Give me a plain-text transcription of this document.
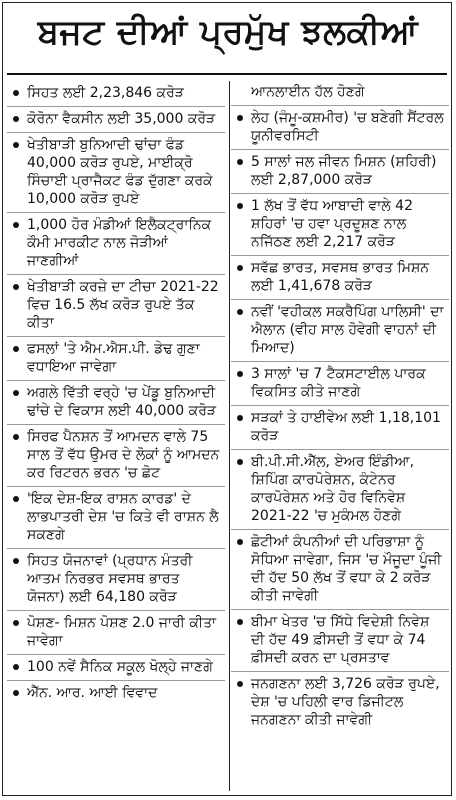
ਬਜਟ ਦੀਆਂ ਪ੍ਰਮੁੱਖ ਝਲਕੀਆਂ
ਸਿਹਤ ਲਈ 2,23,846 ਕਰੋੜ
ਕੋਰੋਨਾ ਵੈਕਸੀਨ ਲਈ 35,000 ਕਰੋੜ
ਖੇਤੀਬਾੜੀ ਬੁਨਿਆਦੀ ਢਾਂਚਾ ਫੰਡ 40,000 ਕਰੋੜ ਰੁਪਏ, ਮਾਈਕ੍ਰੋ ਸਿੰਚਾਈ ਪ੍ਰਾਜੈਕਟ ਫੰਡ ਦੁੱਗਣਾ ਕਰਕੇ 10,000 ਕਰੋੜ ਰੁਪਏ
1,000 ਹੋਰ ਮੰਡੀਆਂ ਇਲੈਕਟ੍ਰਾਨਿਕ ਕੌਮੀ ਮਾਰਕੀਟ ਨਾਲ ਜੋੜੀਆਂ ਜਾਣਗੀਆਂ
ਖੇਤੀਬਾੜੀ ਕਰਜ਼ੇ ਦਾ ਟੀਚਾ 2021-22 ਵਿਚ 16.5 ਲੱਖ ਕਰੋੜ ਰੁਪਏ ਤੱਕ ਕੀਤਾ
ਫਸਲਾਂ 'ਤੇ ਐਮ.ਐਸ.ਪੀ. ਡੇਢ ਗੁਣਾ ਵਧਾਇਆ ਜਾਵੇਗਾ
ਅਗਲੇ ਵਿੱਤੀ ਵਰ੍ਹੇ 'ਚ ਪੇਂਡੂ ਬੁਨਿਆਦੀ ਢਾਂਚੇ ਦੇ ਵਿਕਾਸ ਲਈ 40,000 ਕਰੋੜ
ਸਿਰਫ ਪੈਨਸ਼ਨ ਤੋਂ ਆਮਦਨ ਵਾਲੇ 75 ਸਾਲ ਤੋਂ ਵੱਧ ਉਮਰ ਦੇ ਲੋਕਾਂ ਨੂੰ ਆਮਦਨ ਕਰ ਰਿਟਰਨ ਭਰਨ 'ਚ ਛੋਟ
'ਇਕ ਦੇਸ਼-ਇਕ ਰਾਸ਼ਨ ਕਾਰਡ' ਦੇ ਲਾਭਪਾਤਰੀ ਦੇਸ਼ 'ਚ ਕਿਤੇ ਵੀ ਰਾਸ਼ਨ ਲੈ ਸਕਣਗੇ
ਸਿਹਤ ਯੋਜਨਾਵਾਂ (ਪ੍ਰਧਾਨ ਮੰਤਰੀ ਆਤਮ ਨਿਰਭਰ ਸਵਸਥ ਭਾਰਤ ਯੋਜਨਾ) ਲਈ 64,180 ਕਰੋੜ
ਪੋਸ਼ਣ- ਮਿਸ਼ਨ ਪੋਸ਼ਣ 2.0 ਜਾਰੀ ਕੀਤਾ ਜਾਵੇਗਾ
100 ਨਵੇਂ ਸੈਨਿਕ ਸਕੂਲ ਖੋਲ੍ਹੇ ਜਾਣਗੇ
ਐੱਨ. ਆਰ. ਆਈ ਵਿਵਾਦ
ਆਨਲਾਈਨ ਹੱਲ ਹੋਣਗੇ
ਲੇਹ (ਜੰਮੂ-ਕਸ਼ਮੀਰ) 'ਚ ਬਣੇਗੀ ਸੈਂਟਰਲ ਯੂਨੀਵਰਸਿਟੀ
5 ਸਾਲਾਂ ਜਲ ਜੀਵਨ ਮਿਸ਼ਨ (ਸ਼ਹਿਰੀ) ਲਈ 2,87,000 ਕਰੋੜ
1 ਲੱਖ ਤੋਂ ਵੱਧ ਆਬਾਦੀ ਵਾਲੇ 42 ਸ਼ਹਿਰਾਂ 'ਚ ਹਵਾ ਪ੍ਰਦੂਸ਼ਣ ਨਾਲ ਨਜਿੱਠਣ ਲਈ 2,217 ਕਰੋੜ
ਸਵੱਛ ਭਾਰਤ, ਸਵਸਥ ਭਾਰਤ ਮਿਸ਼ਨ ਲਈ 1,41,678 ਕਰੋੜ
ਨਵੀਂ 'ਵਹੀਕਲ ਸਕਰੈਪਿੰਗ ਪਾਲਿਸੀ' ਦਾ ਐਲਾਨ (ਵੀਹ ਸਾਲ ਹੋਵੇਗੀ ਵਾਹਨਾਂ ਦੀ ਮਿਆਦ)
3 ਸਾਲਾਂ 'ਚ 7 ਟੈਕਸਟਾਈਲ ਪਾਰਕ ਵਿਕਸਿਤ ਕੀਤੇ ਜਾਣਗੇ
ਸੜਕਾਂ ਤੇ ਹਾਈਵੇਅ ਲਈ 1,18,101 ਕਰੋੜ
ਬੀ.ਪੀ.ਸੀ.ਐੱਲ, ਏਅਰ ਇੰਡੀਆ, ਸ਼ਿਪਿੰਗ ਕਾਰਪੋਰੇਸ਼ਨ, ਕੰਟੇਨਰ ਕਾਰਪੋਰੇਸ਼ਨ ਅਤੇ ਹੋਰ ਵਿਨਿਵੇਸ਼ 2021-22 'ਚ ਮੁਕੰਮਲ ਹੋਣਗੇ
ਛੋਟੀਆਂ ਕੰਪਨੀਆਂ ਦੀ ਪਰਿਭਾਸ਼ਾ ਨੂੰ ਸੋਧਿਆ ਜਾਵੇਗਾ, ਜਿਸ 'ਚ ਮੌਜੂਦਾ ਪੂੰਜੀ ਦੀ ਹੱਦ 50 ਲੱਖ ਤੋਂ ਵਧਾ ਕੇ 2 ਕਰੋੜ ਕੀਤੀ ਜਾਵੇਗੀ
ਬੀਮਾ ਖੇਤਰ 'ਚ ਸਿੱਧੇ ਵਿਦੇਸ਼ੀ ਨਿਵੇਸ਼ ਦੀ ਹੱਦ 49 ਫ਼ੀਸਦੀ ਤੋਂ ਵਧਾ ਕੇ 74 ਫ਼ੀਸਦੀ ਕਰਨ ਦਾ ਪ੍ਰਸਤਾਵ
ਜਨਗਣਨਾ ਲਈ 3,726 ਕਰੋੜ ਰੁਪਏ, ਦੇਸ਼ 'ਚ ਪਹਿਲੀ ਵਾਰ ਡਿਜੀਟਲ ਜਨਗਣਨਾ ਕੀਤੀ ਜਾਵੇਗੀ
